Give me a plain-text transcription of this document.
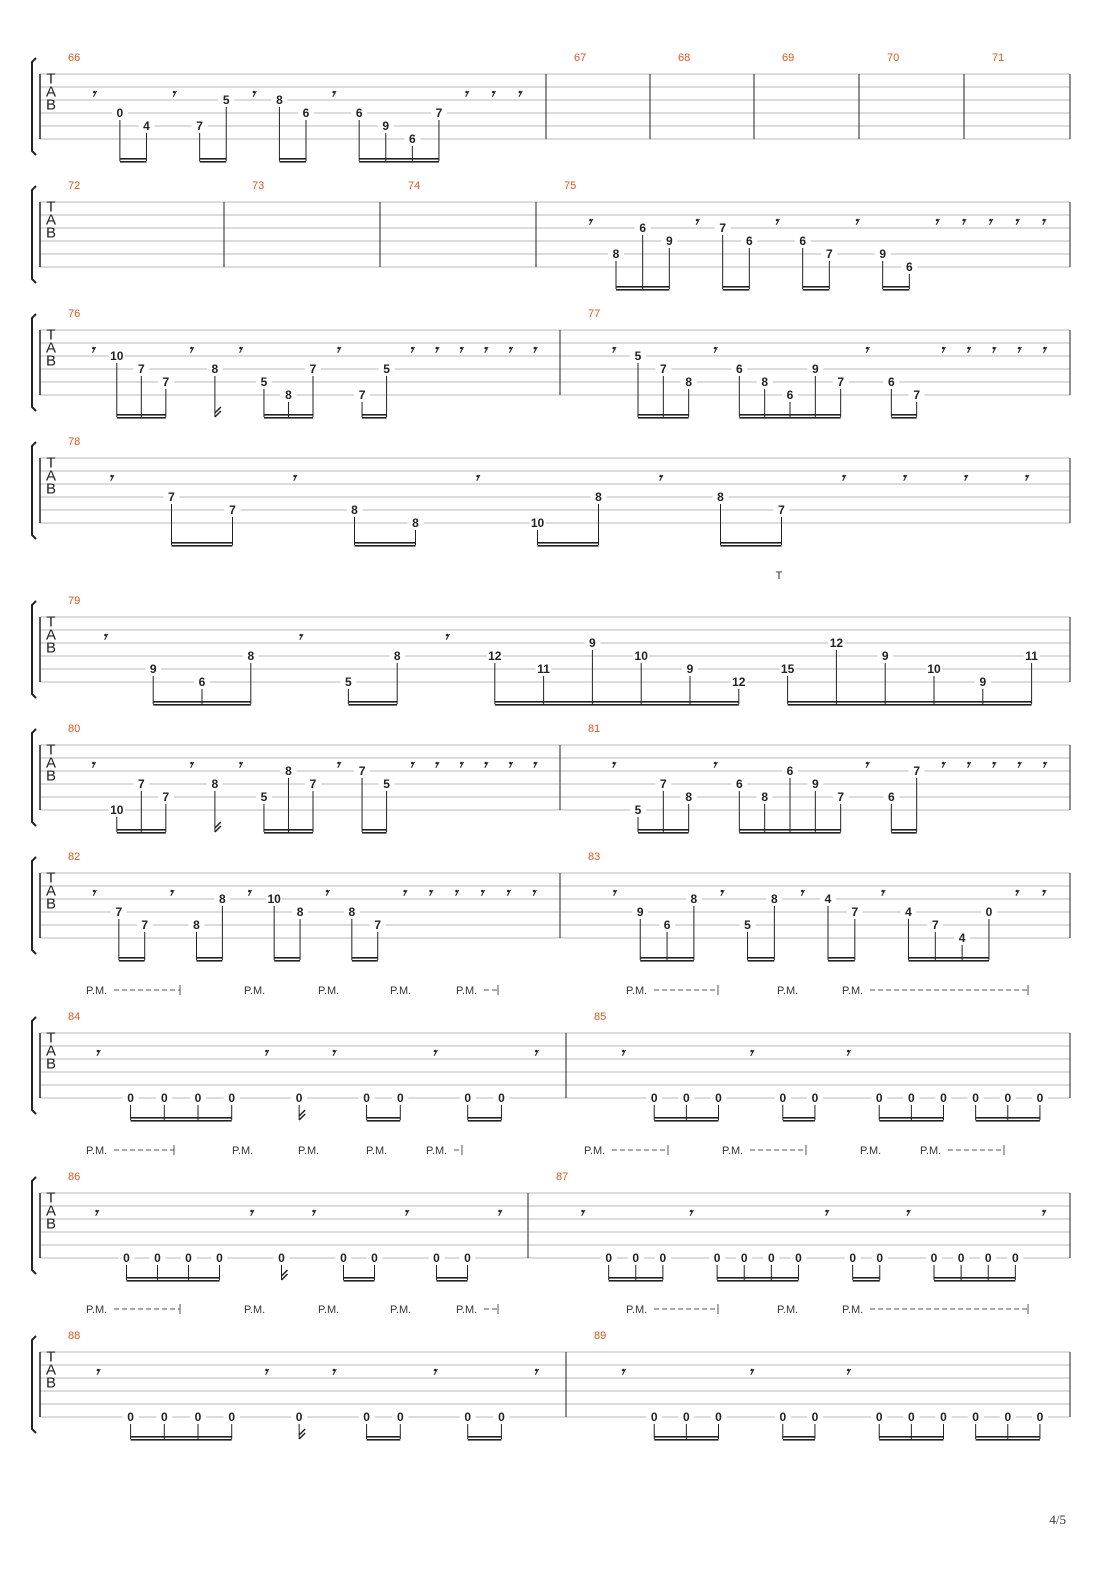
T
A
B
66
𝄾
0
4
𝄾
7
5 𝄾 8
6
𝄾
6
9
6
7
𝄾 𝄾 𝄾
67	68	69	70	71
T
A
B
72	73	74	75
𝄾
8
6
9
𝄾 7
6
𝄾
6
7
𝄾
9
6
𝄾 𝄾 𝄾 𝄾 𝄾
T
A
B
76
𝄾 10
7
7
𝄾
8
𝄾
5
8
7
𝄾
7
5
𝄾 𝄾 𝄾 𝄾 𝄾 𝄾
77
𝄾 5
7
8
𝄾
6
8
6
9
7
𝄾
6
7
𝄾 𝄾 𝄾 𝄾 𝄾
T
A
B
78
𝄾
7
7
𝄾
8
8
𝄾
10
8
𝄾
8
7
𝄾	𝄾	𝄾	𝄾
T
A
B
T
79
𝄾
9
6
8
𝄾
5
8
𝄾
12
11
9
10
9
12
15
12
9
10
9
11
T
A
B
80
𝄾
10
7
7
𝄾
8
𝄾
5
8
7
𝄾 7
5
𝄾 𝄾 𝄾 𝄾 𝄾 𝄾
81
𝄾
5
7
8
𝄾
6
8
6
9
7
𝄾
6
7 𝄾 𝄾 𝄾 𝄾 𝄾
T
A
B
82
𝄾
7
7
𝄾
8
8 𝄾 10
8
𝄾
8
7
𝄾 𝄾 𝄾 𝄾 𝄾 𝄾
83
𝄾
9
6
8 𝄾
5
8 𝄾 4
7
𝄾
4
7
4
0
𝄾 𝄾
T
A
B
P.M.	P.M.	P.M.	P.M.	P.M.	P.M.	P.M.	P.M.
84
𝄾
0 0 0 0
𝄾
0
𝄾
0 0
𝄾
0 0
𝄾
85
𝄾
0 0 0
𝄾
0 0
𝄾
0 0 0 0 0 0
T
A
B
P.M.	P.M.	P.M.	P.M.	P.M.	P.M.	P.M.	P.M.	P.M.
86
𝄾
0 0 0 0
𝄾
0
𝄾
0 0
𝄾
0 0
𝄾
87
𝄾
0 0 0
𝄾
0 0 0 0
𝄾
0 0
𝄾
0 0 0 0
𝄾
T
A
B
P.M.	P.M.	P.M.	P.M.	P.M.	P.M.	P.M.	P.M.
88
𝄾
0 0 0 0
𝄾
0
𝄾
0 0
𝄾
0 0
𝄾
89
𝄾
0 0 0
𝄾
0 0
𝄾
0 0 0 0 0 0
4/5
